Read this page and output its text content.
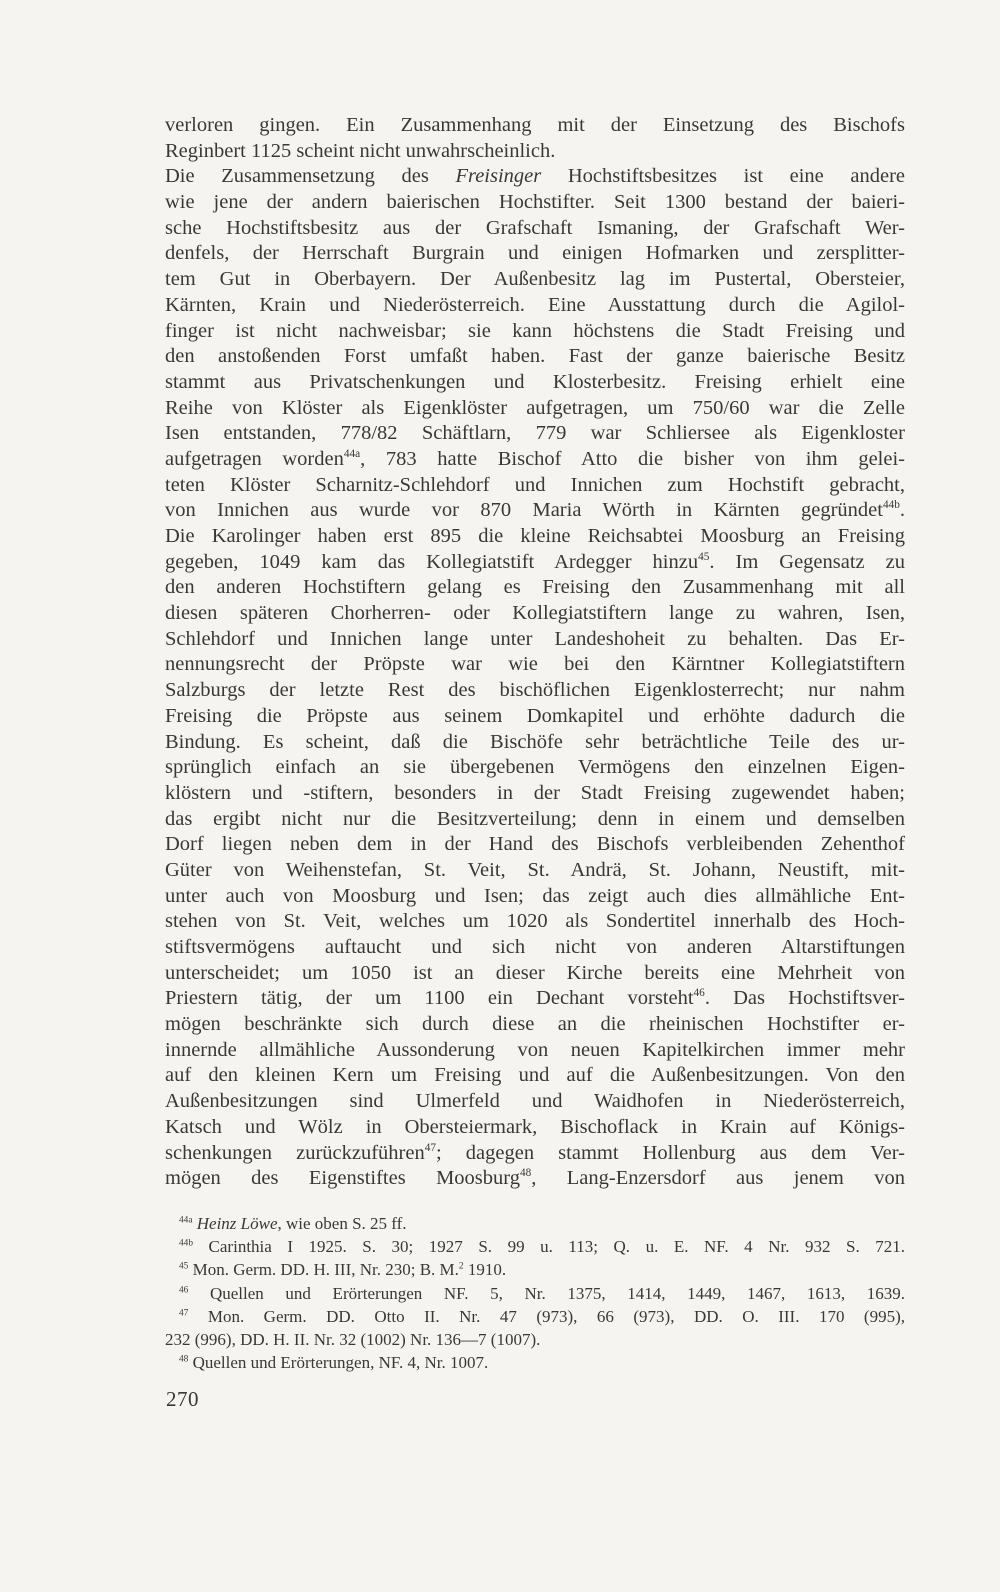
verloren gingen. Ein Zusammenhang mit der Einsetzung des Bischofs
Reginbert 1125 scheint nicht unwahrscheinlich.
Die Zusammensetzung des Freisinger Hochstiftsbesitzes ist eine andere
wie jene der andern baierischen Hochstifter. Seit 1300 bestand der baieri-
sche Hochstiftsbesitz aus der Grafschaft Ismaning, der Grafschaft Wer-
denfels, der Herrschaft Burgrain und einigen Hofmarken und zersplitter-
tem Gut in Oberbayern. Der Außenbesitz lag im Pustertal, Obersteier,
Kärnten, Krain und Niederösterreich. Eine Ausstattung durch die Agilol-
finger ist nicht nachweisbar; sie kann höchstens die Stadt Freising und
den anstoßenden Forst umfaßt haben. Fast der ganze baierische Besitz
stammt aus Privatschenkungen und Klosterbesitz. Freising erhielt eine
Reihe von Klöster als Eigenklöster aufgetragen, um 750/60 war die Zelle
Isen entstanden, 778/82 Schäftlarn, 779 war Schliersee als Eigenkloster
aufgetragen worden$^{44a}$, 783 hatte Bischof Atto die bisher von ihm gelei-
teten Klöster Scharnitz-Schlehdorf und Innichen zum Hochstift gebracht,
von Innichen aus wurde vor 870 Maria Wörth in Kärnten gegründet$^{44b}$.
Die Karolinger haben erst 895 die kleine Reichsabtei Moosburg an Freising
gegeben, 1049 kam das Kollegiatstift Ardegger hinzu$^{45}$. Im Gegensatz zu
den anderen Hochstiftern gelang es Freising den Zusammenhang mit all
diesen späteren Chorherren- oder Kollegiatstiftern lange zu wahren, Isen,
Schlehdorf und Innichen lange unter Landeshoheit zu behalten. Das Er-
nennungsrecht der Pröpste war wie bei den Kärntner Kollegiatstiftern
Salzburgs der letzte Rest des bischöflichen Eigenklosterrecht; nur nahm
Freising die Pröpste aus seinem Domkapitel und erhöhte dadurch die
Bindung. Es scheint, daß die Bischöfe sehr beträchtliche Teile des ur-
sprünglich einfach an sie übergebenen Vermögens den einzelnen Eigen-
klöstern und -stiftern, besonders in der Stadt Freising zugewendet haben;
das ergibt nicht nur die Besitzverteilung; denn in einem und demselben
Dorf liegen neben dem in der Hand des Bischofs verbleibenden Zehenthof
Güter von Weihenstefan, St. Veit, St. Andrä, St. Johann, Neustift, mit-
unter auch von Moosburg und Isen; das zeigt auch dies allmähliche Ent-
stehen von St. Veit, welches um 1020 als Sondertitel innerhalb des Hoch-
stiftsvermögens auftaucht und sich nicht von anderen Altarstiftungen
unterscheidet; um 1050 ist an dieser Kirche bereits eine Mehrheit von
Priestern tätig, der um 1100 ein Dechant vorsteht$^{46}$. Das Hochstiftsver-
mögen beschränkte sich durch diese an die rheinischen Hochstifter er-
innernde allmähliche Aussonderung von neuen Kapitelkirchen immer mehr
auf den kleinen Kern um Freising und auf die Außenbesitzungen. Von den
Außenbesitzungen sind Ulmerfeld und Waidhofen in Niederösterreich,
Katsch und Wölz in Obersteiermark, Bischoflack in Krain auf Königs-
schenkungen zurückzuführen$^{47}$; dagegen stammt Hollenburg aus dem Ver-
mögen des Eigenstiftes Moosburg$^{48}$, Lang-Enzersdorf aus jenem von
$^{44a}$ Heinz Löwe, wie oben S. 25 ff.
$^{44b}$ Carinthia I 1925. S. 30; 1927 S. 99 u. 113; Q. u. E. NF. 4 Nr. 932 S. 721.
$^{45}$ Mon. Germ. DD. H. III, Nr. 230; B. M.$^2$ 1910.
$^{46}$ Quellen und Erörterungen NF. 5, Nr. 1375, 1414, 1449, 1467, 1613, 1639.
$^{47}$ Mon. Germ. DD. Otto II. Nr. 47 (973), 66 (973), DD. O. III. 170 (995),
232 (996), DD. H. II. Nr. 32 (1002) Nr. 136—7 (1007).
$^{48}$ Quellen und Erörterungen, NF. 4, Nr. 1007.
270
